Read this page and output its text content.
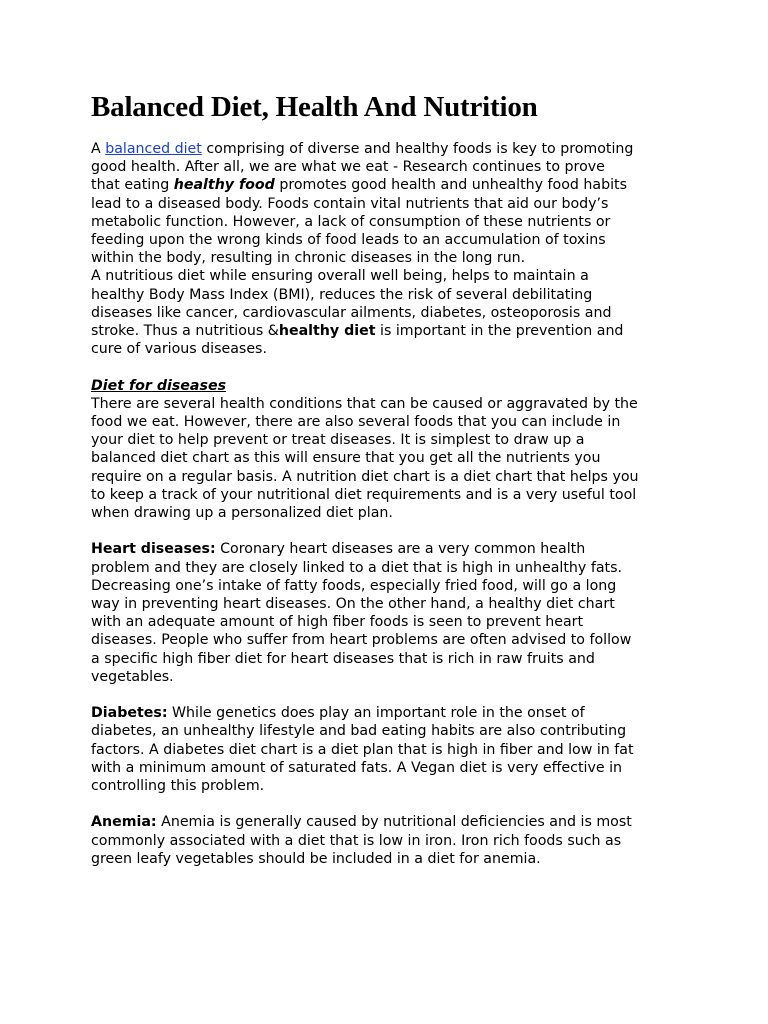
Balanced Diet, Health And Nutrition
A balanced diet comprising of diverse and healthy foods is key to promoting
good health. After all, we are what we eat - Research continues to prove
that eating healthy food promotes good health and unhealthy food habits
lead to a diseased body. Foods contain vital nutrients that aid our body’s
metabolic function. However, a lack of consumption of these nutrients or
feeding upon the wrong kinds of food leads to an accumulation of toxins
within the body, resulting in chronic diseases in the long run.
A nutritious diet while ensuring overall well being, helps to maintain a
healthy Body Mass Index (BMI), reduces the risk of several debilitating
diseases like cancer, cardiovascular ailments, diabetes, osteoporosis and
stroke. Thus a nutritious &healthy diet is important in the prevention and
cure of various diseases.
Diet for diseases
There are several health conditions that can be caused or aggravated by the
food we eat. However, there are also several foods that you can include in
your diet to help prevent or treat diseases. It is simplest to draw up a
balanced diet chart as this will ensure that you get all the nutrients you
require on a regular basis. A nutrition diet chart is a diet chart that helps you
to keep a track of your nutritional diet requirements and is a very useful tool
when drawing up a personalized diet plan.
Heart diseases: Coronary heart diseases are a very common health
problem and they are closely linked to a diet that is high in unhealthy fats.
Decreasing one’s intake of fatty foods, especially fried food, will go a long
way in preventing heart diseases. On the other hand, a healthy diet chart
with an adequate amount of high fiber foods is seen to prevent heart
diseases. People who suffer from heart problems are often advised to follow
a specific high fiber diet for heart diseases that is rich in raw fruits and
vegetables.
Diabetes: While genetics does play an important role in the onset of
diabetes, an unhealthy lifestyle and bad eating habits are also contributing
factors. A diabetes diet chart is a diet plan that is high in fiber and low in fat
with a minimum amount of saturated fats. A Vegan diet is very effective in
controlling this problem.
Anemia: Anemia is generally caused by nutritional deficiencies and is most
commonly associated with a diet that is low in iron. Iron rich foods such as
green leafy vegetables should be included in a diet for anemia.
